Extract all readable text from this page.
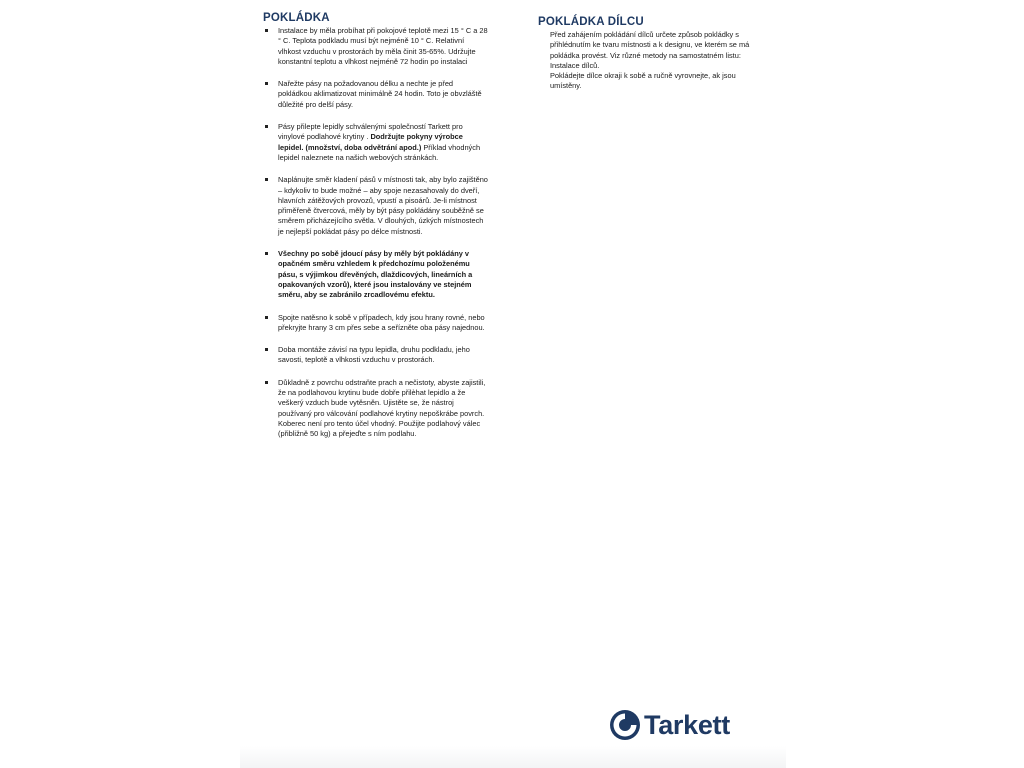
POKLÁDKA
Instalace by měla probíhat při pokojové teplotě mezi 15 ° C a 28 ° C. Teplota podkladu musí být nejméně 10 ° C. Relativní vlhkost vzduchu v prostorách by měla činit 35-65%. Udržujte konstantní teplotu a vlhkost nejméně 72 hodin po instalaci
Nařežte pásy na požadovanou délku a nechte je před pokládkou aklimatizovat minimálně 24 hodin. Toto je obvzláště důležité pro delší pásy.
Pásy přilepte lepidly schválenými společností Tarkett pro vinylové podlahové krytiny . Dodržujte pokyny výrobce lepidel. (množství, doba odvětrání apod.) Příklad vhodných lepidel naleznete na našich webových stránkách.
Naplánujte směr kladení pásů v místnosti tak, aby bylo zajištěno – kdykoliv to bude možné – aby spoje nezasahovaly do dveří, hlavních zátěžových provozů, vpustí a pisoárů. Je-li místnost přiměřeně čtvercová, měly by být pásy pokládány souběžně se směrem přicházejícího světla. V dlouhých, úzkých místnostech je nejlepší pokládat pásy po délce místnosti.
Všechny po sobě jdoucí pásy by měly být pokládány v opačném směru vzhledem k předchozímu položenému pásu, s výjimkou dřevěných, dlaždicových, lineárních a opakovaných vzorů), které jsou instalovány ve stejném směru, aby se zabránilo zrcadlovému efektu.
Spojte natěsno k sobě v případech, kdy jsou hrany rovné, nebo překryjte hrany 3 cm přes sebe a seřízněte oba pásy najednou.
Doba montáže závisí na typu lepidla, druhu podkladu, jeho savosti, teplotě a vlhkosti vzduchu v prostorách.
Důkladně z povrchu odstraňte prach a nečistoty, abyste zajistili, že na podlahovou krytinu bude dobře přilèhat lepidlo a že veškerý vzduch bude vytěsněn. Ujistěte se, že nástroj používaný pro válcování podlahové krytiny nepoškrábe povrch. Koberec není pro tento účel vhodný. Použijte podlahový válec (přibližně 50 kg) a přejeďte s ním podlahu.
POKLÁDKA DÍLCU

Před zahájením pokládání dílců určete způsob pokládky s přihlédnutím ke tvaru místnosti a k designu, ve kterém se má pokládka provést. Viz různé metody na samostatném listu: Instalace dílců.

Pokládejte dílce okraji k sobě a ručně vyrovnejte, ak jsou umístěny.

Tarkett
